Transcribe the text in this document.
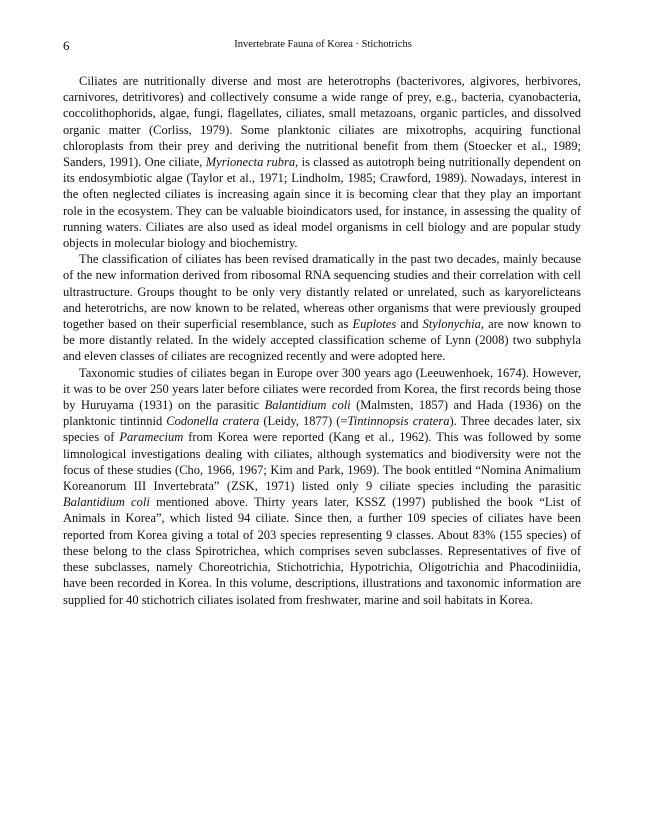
6	Invertebrate Fauna of Korea · Stichotrichs

Ciliates are nutritionally diverse and most are heterotrophs (bacterivores, algivores, herbivores, carnivores, detritivores) and collectively consume a wide range of prey, e.g., bacteria, cyanobacteria, coccolithophorids, algae, fungi, flagellates, ciliates, small metazoans, organic particles, and dissolved organic matter (Corliss, 1979). Some planktonic ciliates are mixotrophs, acquiring functional chloroplasts from their prey and deriving the nutritional benefit from them (Stoecker et al., 1989; Sanders, 1991). One ciliate, Myrionecta rubra, is classed as autotroph being nutritionally dependent on its endosymbiotic algae (Taylor et al., 1971; Lindholm, 1985; Crawford, 1989). Nowadays, interest in the often neglected ciliates is increasing again since it is becoming clear that they play an important role in the ecosystem. They can be valuable bioindicators used, for instance, in assessing the quality of running waters. Ciliates are also used as ideal model organisms in cell biology and are popular study objects in molecular biology and biochemistry.

The classification of ciliates has been revised dramatically in the past two decades, mainly because of the new information derived from ribosomal RNA sequencing studies and their correlation with cell ultrastructure. Groups thought to be only very distantly related or unrelated, such as karyorelicteans and heterotrichs, are now known to be related, whereas other organisms that were previously grouped together based on their superficial resemblance, such as Euplotes and Stylonychia, are now known to be more distantly related. In the widely accepted classification scheme of Lynn (2008) two subphyla and eleven classes of ciliates are recognized recently and were adopted here.

Taxonomic studies of ciliates began in Europe over 300 years ago (Leeuwenhoek, 1674). However, it was to be over 250 years later before ciliates were recorded from Korea, the first records being those by Huruyama (1931) on the parasitic Balantidium coli (Malmsten, 1857) and Hada (1936) on the planktonic tintinnid Codonella cratera (Leidy, 1877) (=Tintinnopsis cratera). Three decades later, six species of Paramecium from Korea were reported (Kang et al., 1962). This was followed by some limnological investigations dealing with ciliates, although systematics and biodiversity were not the focus of these studies (Cho, 1966, 1967; Kim and Park, 1969). The book entitled “Nomina Animalium Koreanorum III Invertebrata” (ZSK, 1971) listed only 9 ciliate species including the parasitic Balantidium coli mentioned above. Thirty years later, KSSZ (1997) published the book “List of Animals in Korea”, which listed 94 ciliate. Since then, a further 109 species of ciliates have been reported from Korea giving a total of 203 species representing 9 classes. About 83% (155 species) of these belong to the class Spirotrichea, which comprises seven subclasses. Representatives of five of these subclasses, namely Choreotrichia, Stichotrichia, Hypotrichia, Oligotrichia and Phacodiniidia, have been recorded in Korea. In this volume, descriptions, illustrations and taxonomic information are supplied for 40 stichotrich ciliates isolated from freshwater, marine and soil habitats in Korea.
